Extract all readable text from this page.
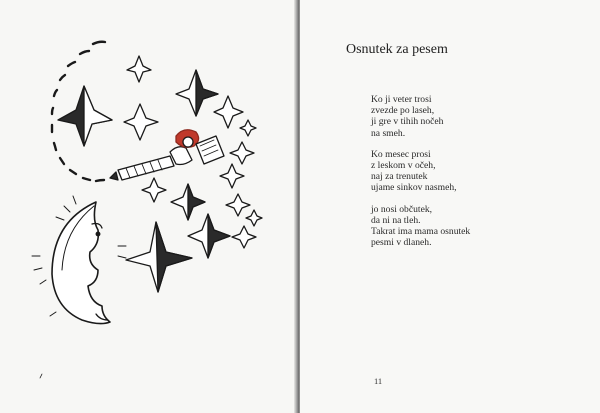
Osnutek za pesem
Ko ji veter trosi
zvezde po laseh,
ji gre v tihih nočeh
na smeh.
Ko mesec prosi
z leskom v očeh,
naj za trenutek
ujame sinkov nasmeh,
jo nosi občutek,
da ni na tleh.
Takrat ima mama osnutek
pesmi v dlaneh.
11
